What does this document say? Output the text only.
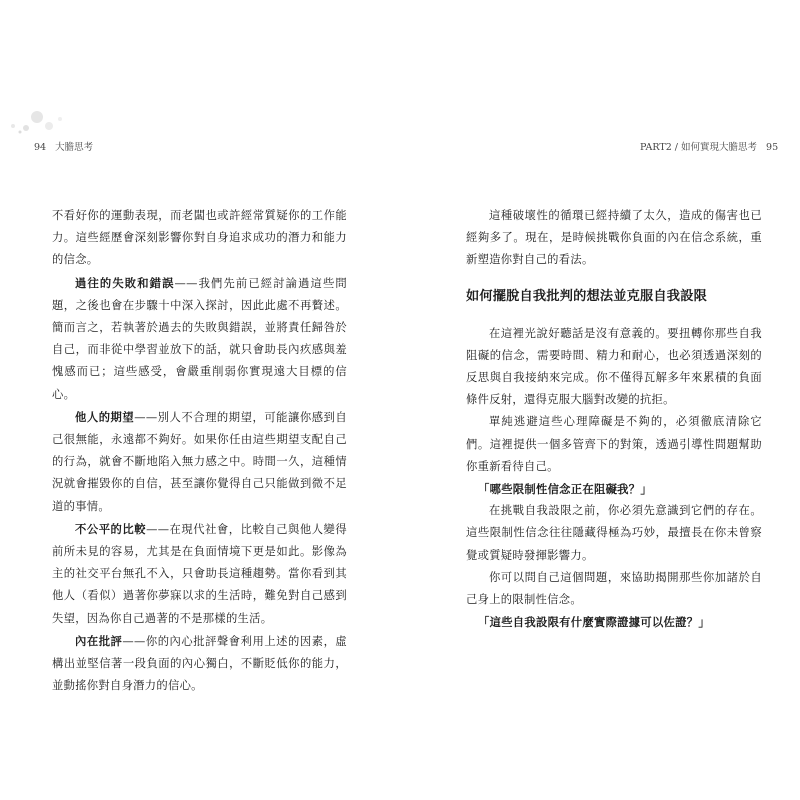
94 大膽思考	PART2 / 如何實現大膽思考 95

不看好你的運動表現，而老闆也或許經常質疑你的工作能力。這些經歷會深刻影響你對自身追求成功的潛力和能力的信念。

過往的失敗和錯誤——我們先前已經討論過這些問題，之後也會在步驟十中深入探討，因此此處不再贅述。簡而言之，若執著於過去的失敗與錯誤，並將責任歸咎於自己，而非從中學習並放下的話，就只會助長內疚感與羞愧感而已；這些感受，會嚴重削弱你實現遠大目標的信心。

他人的期望——別人不合理的期望，可能讓你感到自己很無能，永遠都不夠好。如果你任由這些期望支配自己的行為，就會不斷地陷入無力感之中。時間一久，這種情況就會摧毀你的自信，甚至讓你覺得自己只能做到微不足道的事情。

不公平的比較——在現代社會，比較自己與他人變得前所未見的容易，尤其是在負面情境下更是如此。影像為主的社交平台無孔不入，只會助長這種趨勢。當你看到其他人（看似）過著你夢寐以求的生活時，難免對自己感到失望，因為你自己過著的不是那樣的生活。

內在批評——你的內心批評聲會利用上述的因素，虛構出並堅信著一段負面的內心獨白，不斷貶低你的能力，並動搖你對自身潛力的信心。

這種破壞性的循環已經持續了太久，造成的傷害也已經夠多了。現在，是時候挑戰你負面的內在信念系統，重新塑造你對自己的看法。

如何擺脫自我批判的想法並克服自我設限

在這裡光說好聽話是沒有意義的。要扭轉你那些自我阻礙的信念，需要時間、精力和耐心，也必須透過深刻的反思與自我接納來完成。你不僅得瓦解多年來累積的負面條件反射，還得克服大腦對改變的抗拒。

單純逃避這些心理障礙是不夠的，必須徹底清除它們。這裡提供一個多管齊下的對策，透過引導性問題幫助你重新看待自己。

「哪些限制性信念正在阻礙我？」

在挑戰自我設限之前，你必須先意識到它們的存在。這些限制性信念往往隱藏得極為巧妙，最擅長在你未曾察覺或質疑時發揮影響力。

你可以問自己這個問題，來協助揭開那些你加諸於自己身上的限制性信念。

「這些自我設限有什麼實際證據可以佐證？」
